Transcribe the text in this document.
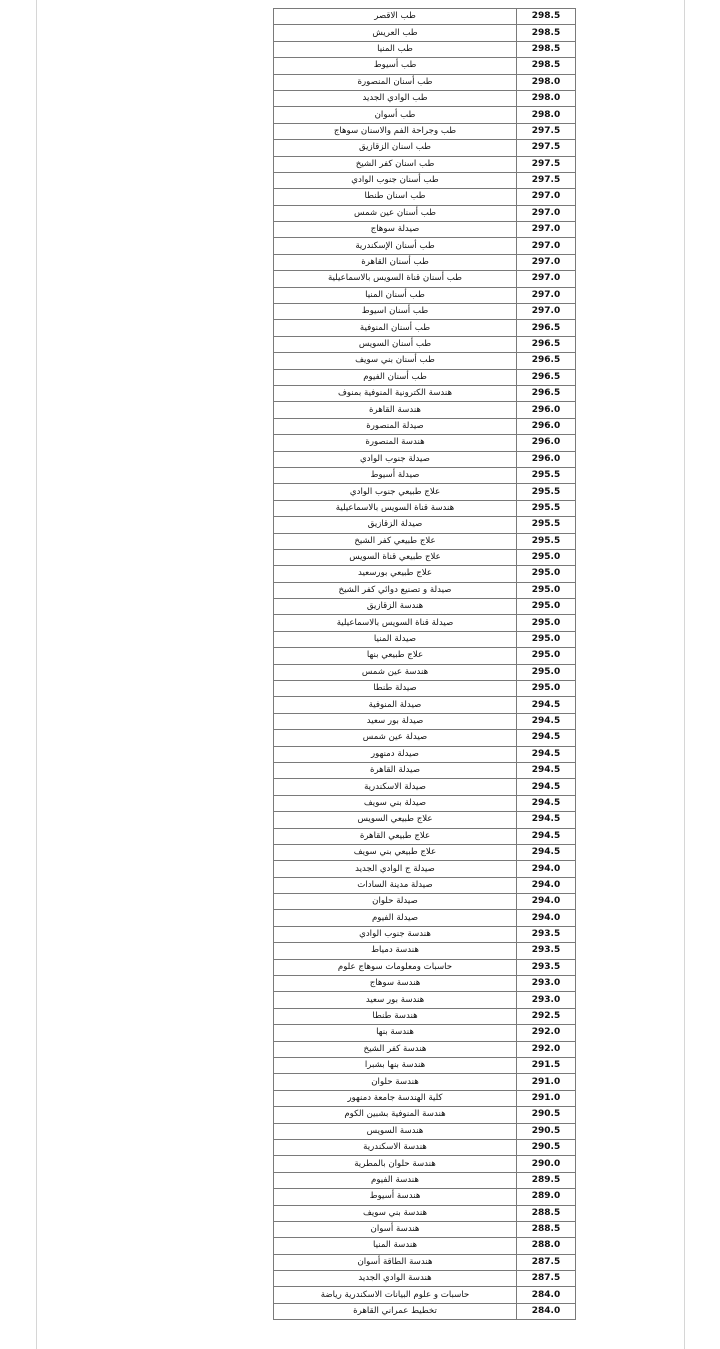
طب الاقصر	298.5
طب العريش	298.5
طب المنيا	298.5
طب أسيوط	298.5
طب أسنان المنصورة	298.0
طب الوادي الجديد	298.0
طب أسوان	298.0
طب وجراحة الفم والاسنان سوهاج	297.5
طب اسنان الزقازيق	297.5
طب اسنان كفر الشيخ	297.5
طب أسنان جنوب الوادي	297.5
طب اسنان طنطا	297.0
طب أسنان عين شمس	297.0
صيدلة سوهاج	297.0
طب أسنان الإسكندرية	297.0
طب أسنان القاهرة	297.0
طب أسنان قناة السويس بالاسماعيلية	297.0
طب أسنان المنيا	297.0
طب أسنان اسيوط	297.0
طب أسنان المنوفية	296.5
طب أسنان السويس	296.5
طب أسنان بني سويف	296.5
طب أسنان الفيوم	296.5
هندسة الكترونية المنوفية بمنوف	296.5
هندسة القاهرة	296.0
صيدلة المنصورة	296.0
هندسة المنصورة	296.0
صيدلة جنوب الوادي	296.0
صيدلة أسيوط	295.5
علاج طبيعي جنوب الوادي	295.5
هندسة قناة السويس بالاسماعيلية	295.5
صيدلة الزقازيق	295.5
علاج طبيعي كفر الشيخ	295.5
علاج طبيعي قناة السويس	295.0
علاج طبيعي بورسعيد	295.0
صيدلة و تصنيع دوائي كفر الشيخ	295.0
هندسة الزقازيق	295.0
صيدلة قناة السويس بالاسماعيلية	295.0
صيدلة المنيا	295.0
علاج طبيعي بنها	295.0
هندسة عين شمس	295.0
صيدلة طنطا	295.0
صيدلة المنوفية	294.5
صيدلة بور سعيد	294.5
صيدلة عين شمس	294.5
صيدلة دمنهور	294.5
صيدلة القاهرة	294.5
صيدلة الاسكندرية	294.5
صيدلة بني سويف	294.5
علاج طبيعي السويس	294.5
علاج طبيعي القاهرة	294.5
علاج طبيعي بني سويف	294.5
صيدلة ج الوادي الجديد	294.0
صيدلة مدينة السادات	294.0
صيدلة حلوان	294.0
صيدلة الفيوم	294.0
هندسة جنوب الوادي	293.5
هندسة دمياط	293.5
حاسبات ومعلومات سوهاج علوم	293.5
هندسة سوهاج	293.0
هندسة بور سعيد	293.0
هندسة طنطا	292.5
هندسة بنها	292.0
هندسة كفر الشيخ	292.0
هندسة بنها بشبرا	291.5
هندسة حلوان	291.0
كلية الهندسة جامعة دمنهور	291.0
هندسة المنوفية بشبين الكوم	290.5
هندسة السويس	290.5
هندسة الاسكندرية	290.5
هندسة حلوان بالمطرية	290.0
هندسة الفيوم	289.5
هندسة أسيوط	289.0
هندسة بني سويف	288.5
هندسة أسوان	288.5
هندسة المنيا	288.0
هندسة الطاقة أسوان	287.5
هندسة الوادي الجديد	287.5
حاسبات و علوم البيانات الاسكندرية رياضة	284.0
تخطيط عمراني القاهرة	284.0
